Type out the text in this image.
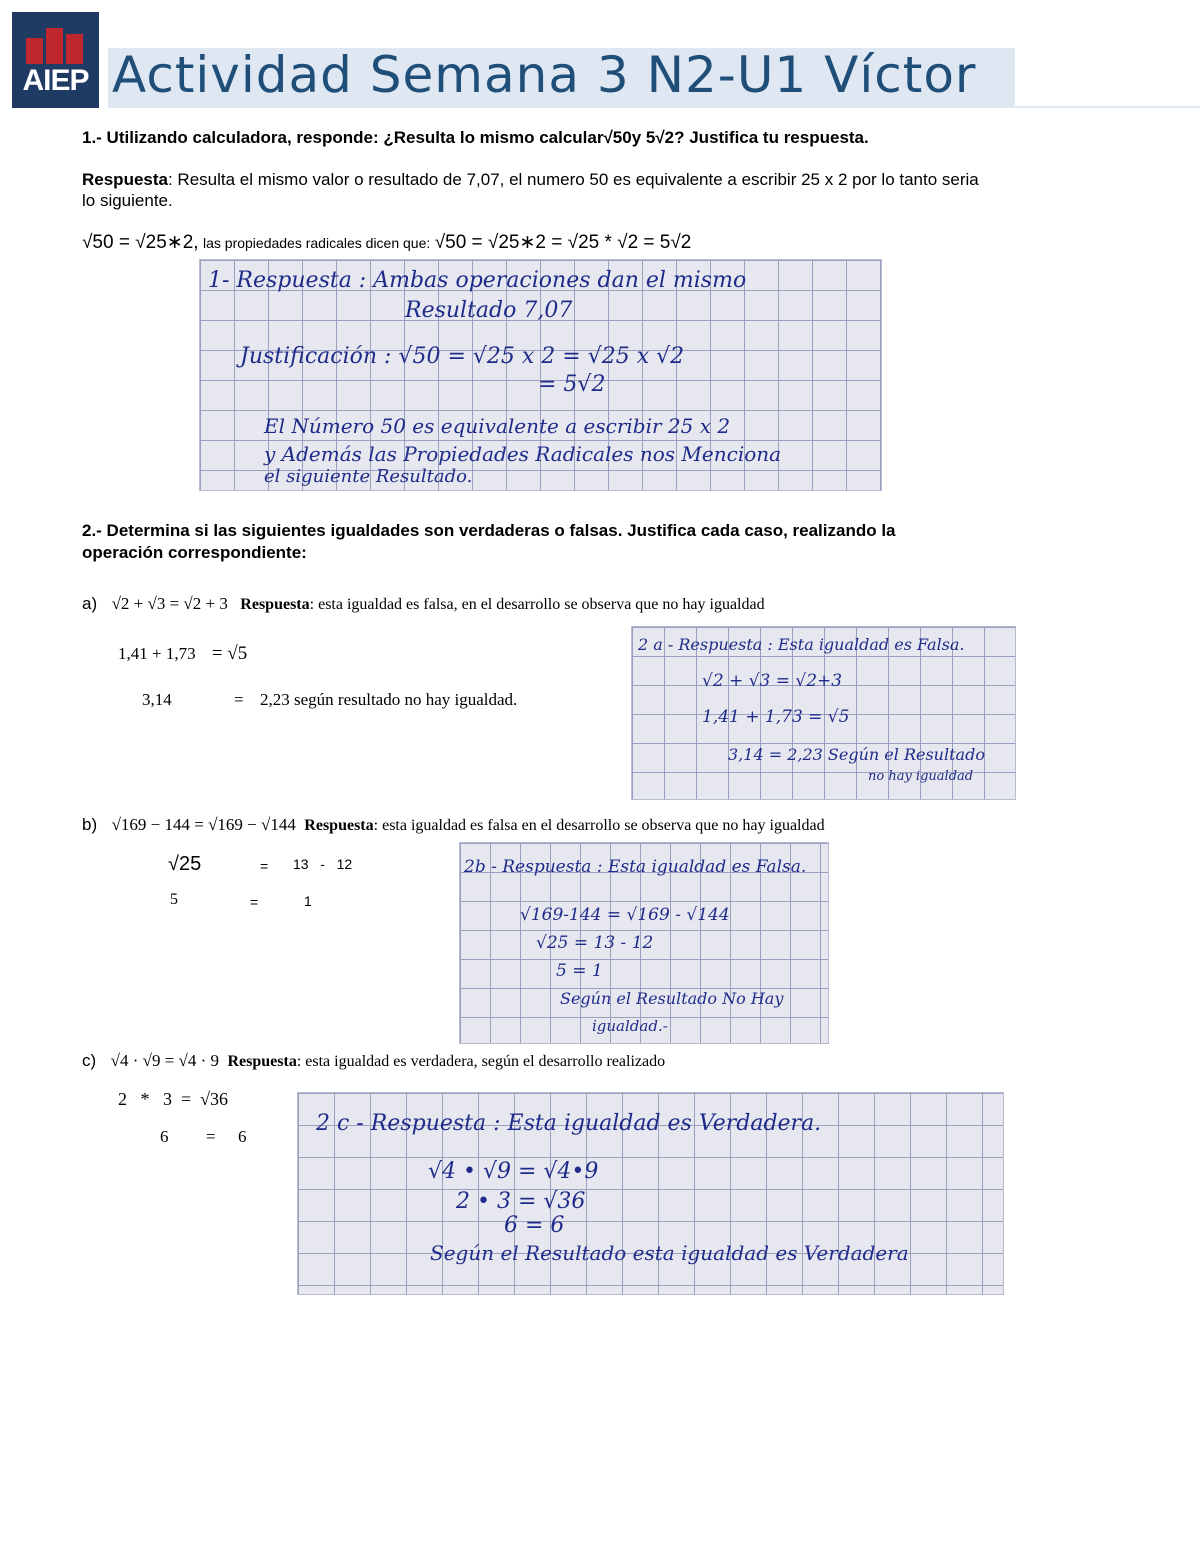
AIEP Actividad Semana 3 N2-U1 Víctor
1.- Utilizando calculadora, responde: ¿Resulta lo mismo calcular√50y 5√2? Justifica tu respuesta.
Respuesta: Resulta el mismo valor o resultado de 7,07, el numero 50 es equivalente a escribir 25 x 2 por lo tanto seria
lo siguiente.
√50 = √25∗2, las propiedades radicales dicen que: √50 = √25∗2 = √25 * √2 = 5√2
1- Respuesta : Ambas operaciones dan el mismo
Resultado 7,07
Justificación : √50 = √25 x 2 = √25 x √2
= 5√2
El Número 50 es equivalente a escribir 25 x 2
y Además las Propiedades Radicales nos Menciona
el siguiente Resultado.
2.- Determina si las siguientes igualdades son verdaderas o falsas. Justifica cada caso, realizando la
operación correspondiente:
a) √2 + √3 = √2 + 3 Respuesta: esta igualdad es falsa, en el desarrollo se observa que no hay igualdad
1,41 + 1,73 = √5
3,14	= 2,23 según resultado no hay igualdad.
2 a - Respuesta : Esta igualdad es Falsa.
√2 + √3 = √2+3
1,41 + 1,73 = √5
3,14 = 2,23 Según el Resultado
no hay igualdad
b) √169 − 144 = √169 − √144 Respuesta: esta igualdad es falsa en el desarrollo se observa que no hay igualdad
√25	= 13   -   12
5	=	1
2b - Respuesta : Esta igualdad es Falsa.
√169-144 = √169 - √144
√25 = 13 - 12
5 = 1
Según el Resultado No Hay
igualdad.-
c) √4 · √9 = √4 · 9 Respuesta: esta igualdad es verdadera, según el desarrollo realizado
2   *   3  =  √36
6 = 6
2 c - Respuesta : Esta igualdad es Verdadera.
√4 • √9 = √4•9
2 • 3 = √36
6 = 6
Según el Resultado esta igualdad es Verdadera
